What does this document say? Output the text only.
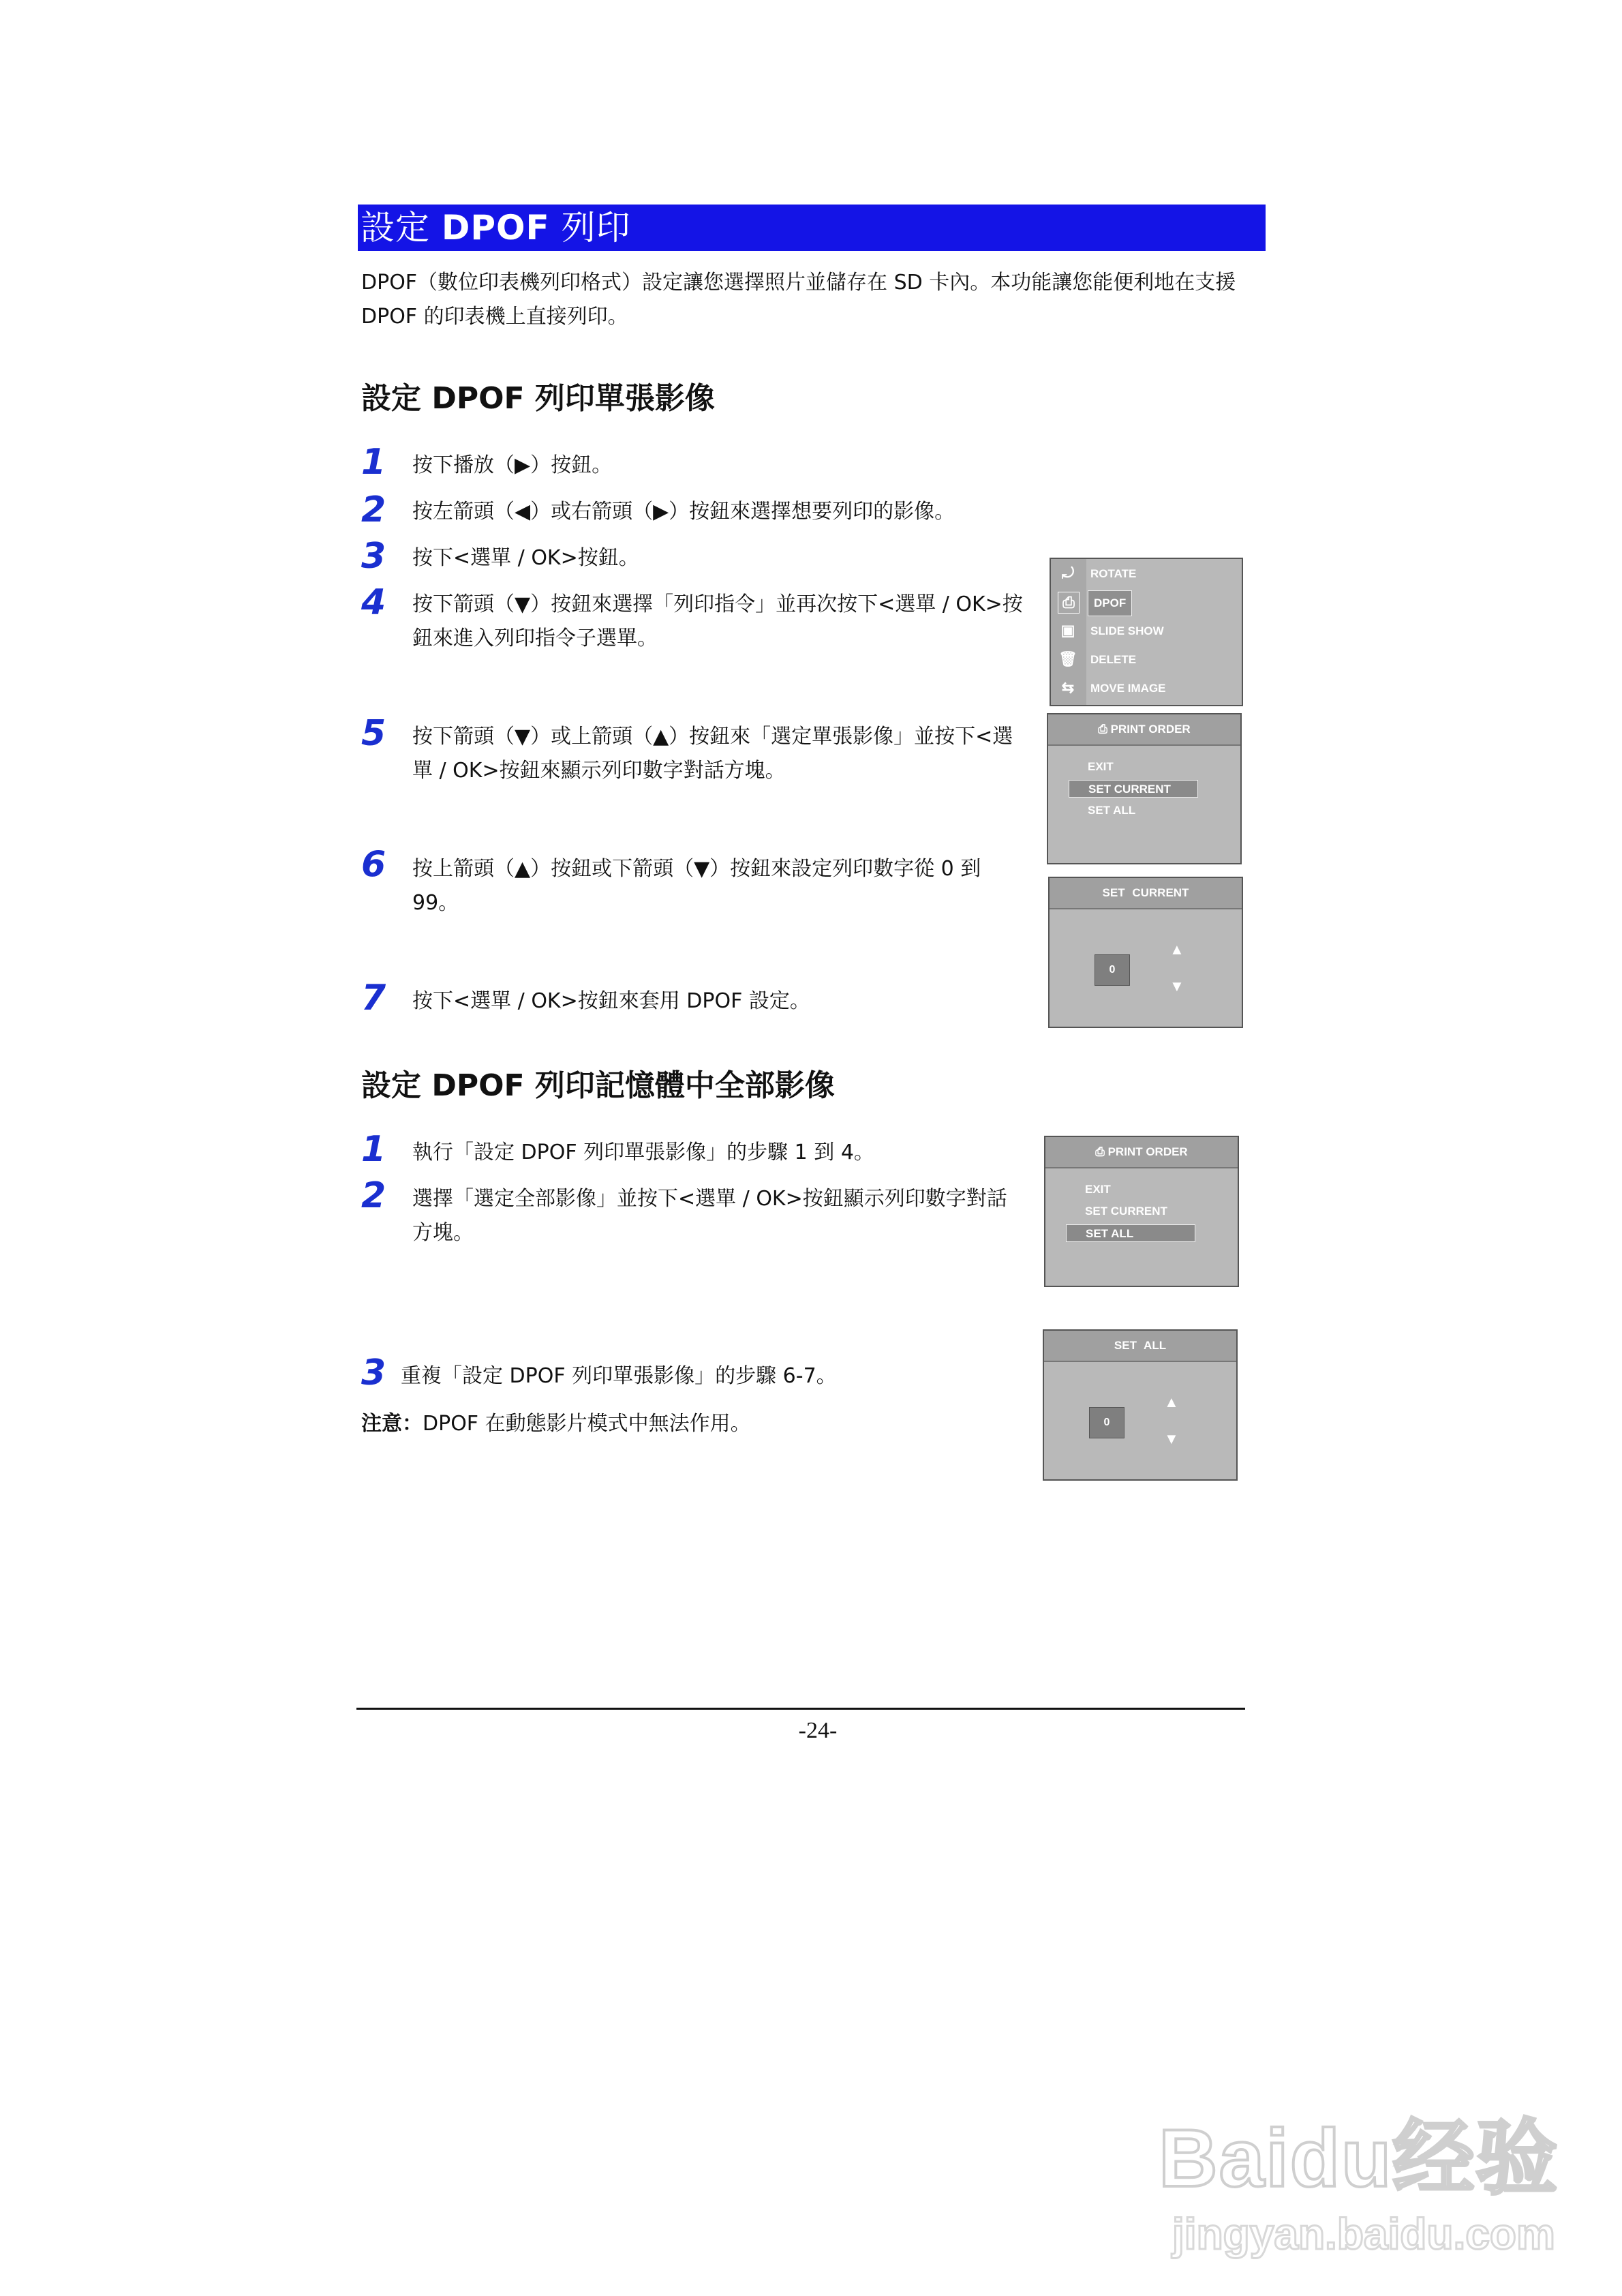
設定 DPOF 列印
DPOF（數位印表機列印格式）設定讓您選擇照片並儲存在 SD 卡內。本功能讓您能便利地在支援 DPOF 的印表機上直接列印。
設定 DPOF 列印單張影像
1	按下播放（▶）按鈕。
2	按左箭頭（◀）或右箭頭（▶）按鈕來選擇想要列印的影像。
3	按下<選單 / OK>按鈕。
4	按下箭頭（▼）按鈕來選擇「列印指令」並再次按下<選單 / OK>按鈕來進入列印指令子選單。
5	按下箭頭（▼）或上箭頭（▲）按鈕來「選定單張影像」並按下<選單 / OK>按鈕來顯示列印數字對話方塊。
6	按上箭頭（▲）按鈕或下箭頭（▼）按鈕來設定列印數字從 0 到 99。
7	按下<選單 / OK>按鈕來套用 DPOF 設定。
設定 DPOF 列印記憶體中全部影像
1	執行「設定 DPOF 列印單張影像」的步驟 1 到 4。
2	選擇「選定全部影像」並按下<選單 / OK>按鈕顯示列印數字對話方塊。
3 重複「設定 DPOF 列印單張影像」的步驟 6-7。
注意：DPOF 在動態影片模式中無法作用。
⤾
⎙
▣
🗑
⇆
ROTATE
DPOF
SLIDE SHOW
DELETE
MOVE IMAGE
⎙ PRINT ORDER
EXIT
SET CURRENT
SET ALL
SET CURRENT
0
▲
▼
⎙ PRINT ORDER
EXIT
SET CURRENT
SET ALL
SET ALL
0
▲
▼
-24-
Baidu经验
jingyan.baidu.com
